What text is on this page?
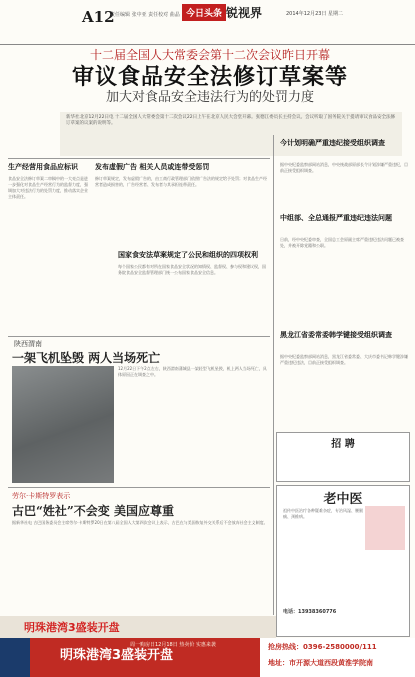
A12
责任编辑 张中亚 责任校对 曲晶 今日头条 锐视界	2014年12月23日 星期二
十二届全国人大常委会第十二次会议昨日开幕
审议食品安全法修订草案等
加大对食品安全违法行为的处罚力度
新华社北京12月22日电 十二届全国人大常委会第十二次会议22日上午在北京人民大会堂开幕。张德江委员长主持会议。会议听取了国务院关于提请审议食品安全法修订草案的议案的说明等。
生产经营用食品应标识
食品安全法修订草案二审稿中的一大亮点是进一步强化对食品生产经营行为的监督力度，强调加大对违法行为的处罚力度，推动落实企业主体责任。
发布虚假广告 相关人员或连带受惩罚
修订草案规定，发布虚假广告的，由工商行政管理部门依照广告法的规定给予处罚；对食品生产经营者造成损害的，广告经营者、发布者与其承担连带责任。
国家食安法草案规定了公民和组织的四项权利
每个国家公民都有对所在国家食品安全状况的知情权、监督权、参与权和建议权，国务院食品安全监督管理部门统一公布国家食品安全信息。
今计划明确严重违纪接受组织调查
据中央纪委监察部网站消息，中央统战部原部长令计划涉嫌严重违纪，目前正接受组织调查。
中组部、全总通报严重违纪违法问题
日前，经中央纪委审查，全国总工会原副主席严重违纪违法问题已被查处，并被开除党籍和公职。
黑龙江省委常委韩学键接受组织调查
据中央纪委监察部网站消息，黑龙江省委常委、大庆市委书记韩学键涉嫌严重违纪违法，目前正接受组织调查。
陕西渭南
一架飞机坠毁 两人当场死亡
12月22日下午2点左右，陕西渭南蒲城县一架轻型飞机坠毁，机上两人当场死亡，具体原因正在调查之中。
劳尔·卡斯特罗表示
古巴“姓社”不会变 美国应尊重
据新华社电 古巴国务委员会主席劳尔·卡斯特罗20日在第八届全国人大第四次会议上表示，古巴在与美国恢复外交关系后不会放弃社会主义制度。
招 聘
老中医
祖传中医治疗各种疑难杂症，专治风湿、腰腿痛、颈椎病。
电话：13938360776
明珠港湾3盛装开盘
周一购房日12月18日 热卖价 实惠来袭
明珠港湾3盛装开盘
抢房热线：0396-2580000/111
地址：市开源大道西段黄淮学院南
